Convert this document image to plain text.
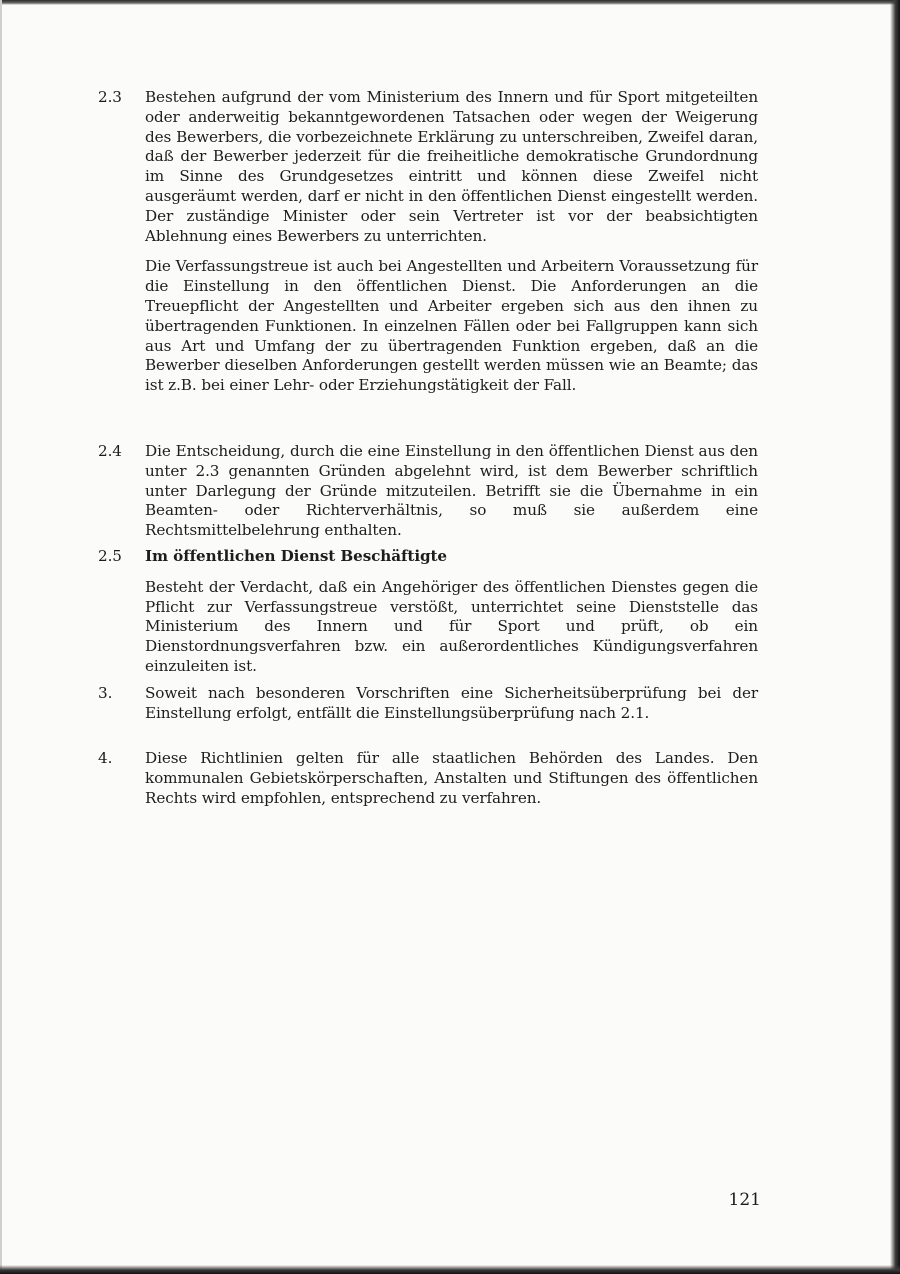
2.3	Bestehen aufgrund der vom Ministerium des Innern und für Sport mitgeteilten oder anderweitig bekanntgewordenen Tatsachen oder wegen der Weigerung des Bewerbers, die vorbezeichnete Erklärung zu unterschreiben, Zweifel daran, daß der Bewerber jederzeit für die freiheitliche demokratische Grundordnung im Sinne des Grundgesetzes eintritt und können diese Zweifel nicht ausgeräumt werden, darf er nicht in den öffentlichen Dienst eingestellt werden. Der zuständige Minister oder sein Vertreter ist vor der beabsichtigten Ablehnung eines Bewerbers zu unterrichten.

Die Verfassungstreue ist auch bei Angestellten und Arbeitern Voraussetzung für die Einstellung in den öffentlichen Dienst. Die Anforderungen an die Treuepflicht der Angestellten und Arbeiter ergeben sich aus den ihnen zu übertragenden Funktionen. In einzelnen Fällen oder bei Fallgruppen kann sich aus Art und Umfang der zu übertragenden Funktion ergeben, daß an die Bewerber dieselben Anforderungen gestellt werden müssen wie an Beamte; das ist z.B. bei einer Lehr- oder Erziehungstätigkeit der Fall.

2.4	Die Entscheidung, durch die eine Einstellung in den öffentlichen Dienst aus den unter 2.3 genannten Gründen abgelehnt wird, ist dem Bewerber schriftlich unter Darlegung der Gründe mitzuteilen. Betrifft sie die Übernahme in ein Beamten- oder Richterverhältnis, so muß sie außerdem eine Rechtsmittelbelehrung enthalten.

2.5	Im öffentlichen Dienst Beschäftigte

Besteht der Verdacht, daß ein Angehöriger des öffentlichen Dienstes gegen die Pflicht zur Verfassungstreue verstößt, unterrichtet seine Dienststelle das Ministerium des Innern und für Sport und prüft, ob ein Dienstordnungsverfahren bzw. ein außerordentliches Kündigungsverfahren einzuleiten ist.

3.	Soweit nach besonderen Vorschriften eine Sicherheitsüberprüfung bei der Einstellung erfolgt, entfällt die Einstellungsüberprüfung nach 2.1.

4.	Diese Richtlinien gelten für alle staatlichen Behörden des Landes. Den kommunalen Gebietskörperschaften, Anstalten und Stiftungen des öffentlichen Rechts wird empfohlen, entsprechend zu verfahren.

121
